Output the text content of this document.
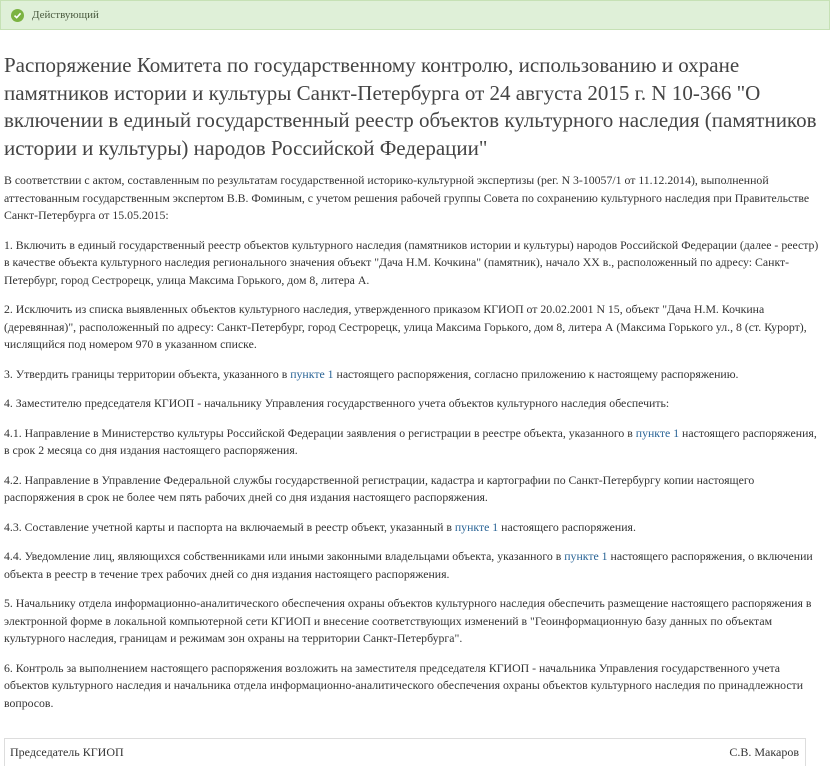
Действующий
Распоряжение Комитета по государственному контролю, использованию и охране памятников истории и культуры Санкт-Петербурга от 24 августа 2015 г. N 10-366 "О включении в единый государственный реестр объектов культурного наследия (памятников истории и культуры) народов Российской Федерации"

В соответствии с актом, составленным по результатам государственной историко-культурной экспертизы (рег. N 3-10057/1 от 11.12.2014), выполненной аттестованным государственным экспертом В.В. Фоминым, с учетом решения рабочей группы Совета по сохранению культурного наследия при Правительстве Санкт-Петербурга от 15.05.2015:

1. Включить в единый государственный реестр объектов культурного наследия (памятников истории и культуры) народов Российской Федерации (далее - реестр) в качестве объекта культурного наследия регионального значения объект "Дача Н.М. Кочкина" (памятник), начало XX в., расположенный по адресу: Санкт-Петербург, город Сестрорецк, улица Максима Горького, дом 8, литера А.

2. Исключить из списка выявленных объектов культурного наследия, утвержденного приказом КГИОП от 20.02.2001 N 15, объект "Дача Н.М. Кочкина (деревянная)", расположенный по адресу: Санкт-Петербург, город Сестрорецк, улица Максима Горького, дом 8, литера А (Максима Горького ул., 8 (ст. Курорт), числящийся под номером 970 в указанном списке.

3. Утвердить границы территории объекта, указанного в пункте 1 настоящего распоряжения, согласно приложению к настоящему распоряжению.

4. Заместителю председателя КГИОП - начальнику Управления государственного учета объектов культурного наследия обеспечить:

4.1. Направление в Министерство культуры Российской Федерации заявления о регистрации в реестре объекта, указанного в пункте 1 настоящего распоряжения, в срок 2 месяца со дня издания настоящего распоряжения.

4.2. Направление в Управление Федеральной службы государственной регистрации, кадастра и картографии по Санкт-Петербургу копии настоящего распоряжения в срок не более чем пять рабочих дней со дня издания настоящего распоряжения.

4.3. Составление учетной карты и паспорта на включаемый в реестр объект, указанный в пункте 1 настоящего распоряжения.

4.4. Уведомление лиц, являющихся собственниками или иными законными владельцами объекта, указанного в пункте 1 настоящего распоряжения, о включении объекта в реестр в течение трех рабочих дней со дня издания настоящего распоряжения.

5. Начальнику отдела информационно-аналитического обеспечения охраны объектов культурного наследия обеспечить размещение настоящего распоряжения в электронной форме в локальной компьютерной сети КГИОП и внесение соответствующих изменений в "Геоинформационную базу данных по объектам культурного наследия, границам и режимам зон охраны на территории Санкт-Петербурга".

6. Контроль за выполнением настоящего распоряжения возложить на заместителя председателя КГИОП - начальника Управления государственного учета объектов культурного наследия и начальника отдела информационно-аналитического обеспечения охраны объектов культурного наследия по принадлежности вопросов.

Председатель КГИОП	С.В. Макаров
